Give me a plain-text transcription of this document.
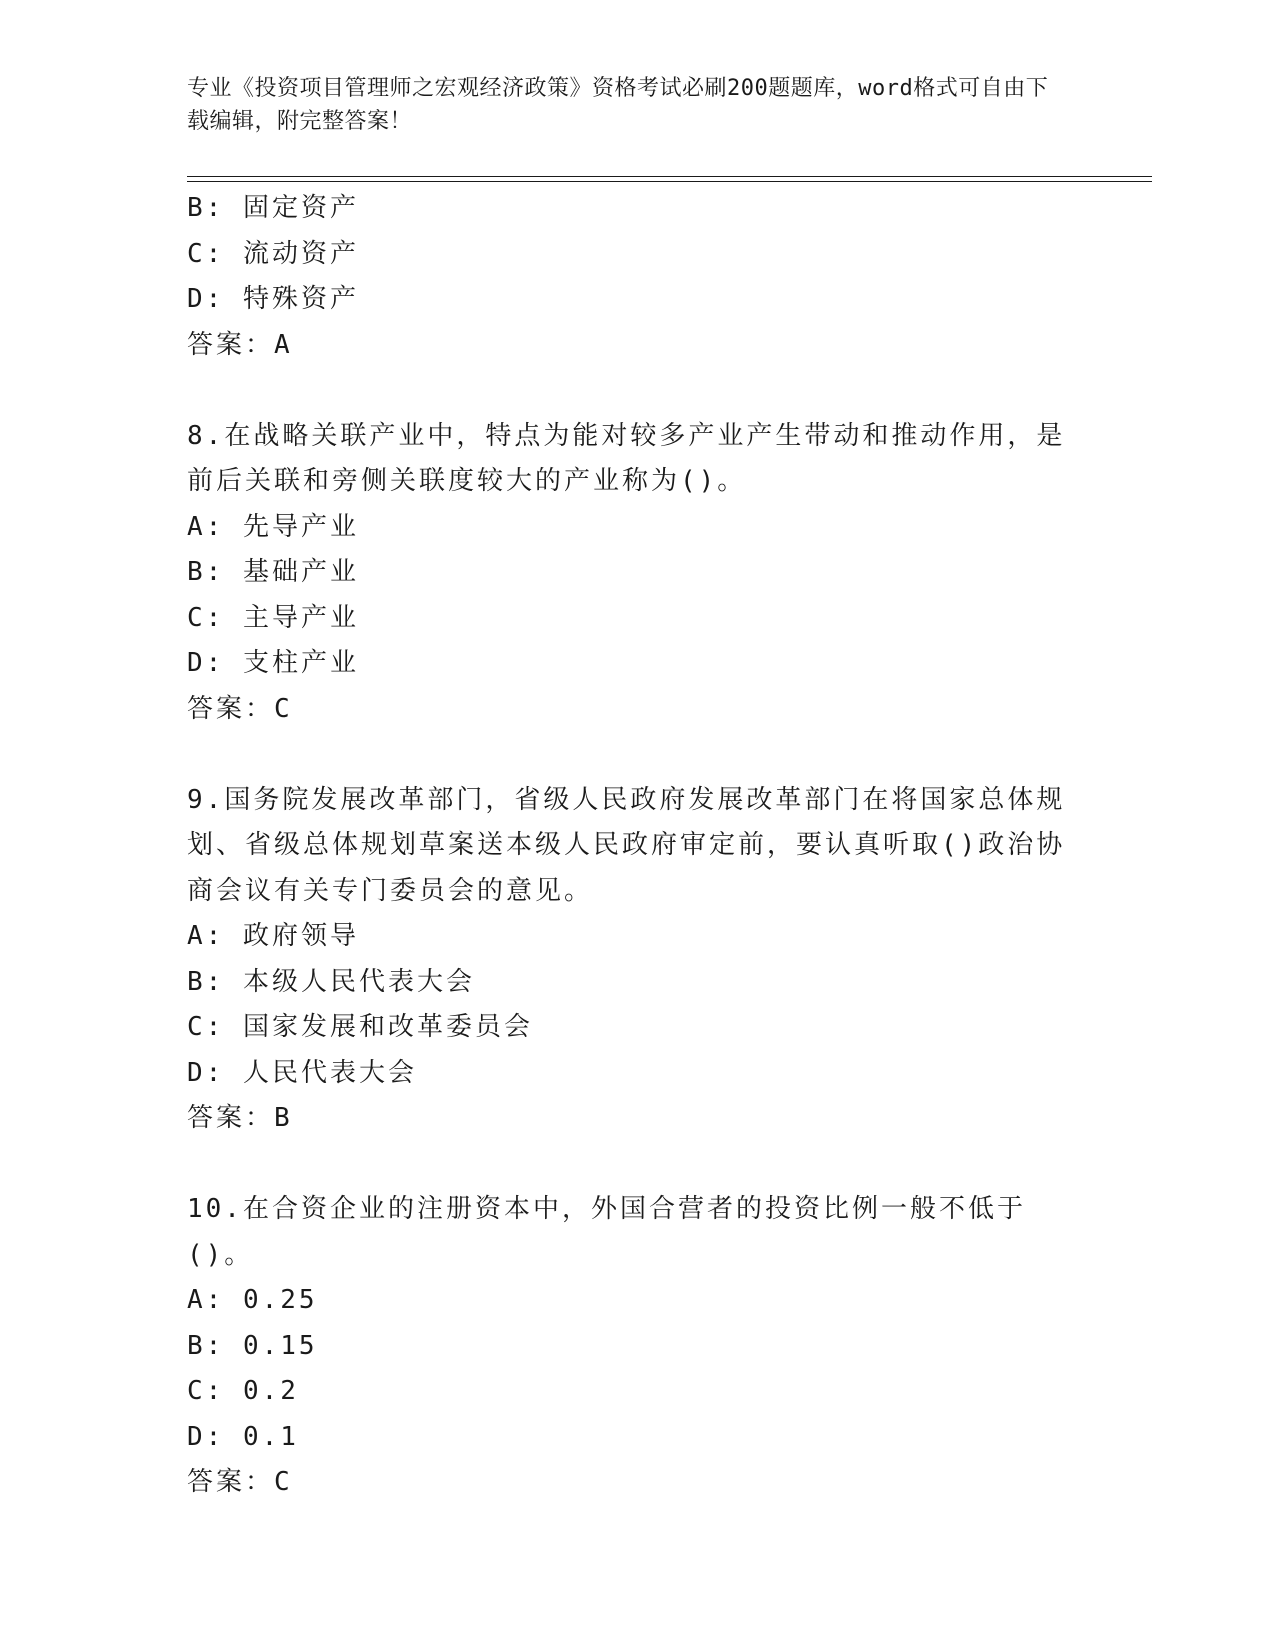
专业《投资项目管理师之宏观经济政策》资格考试必刷200题题库，word格式可自由下载编辑，附完整答案！
B: 固定资产
C: 流动资产
D: 特殊资产
答案：A
8.在战略关联产业中，特点为能对较多产业产生带动和推动作用，是前后关联和旁侧关联度较大的产业称为()。
A: 先导产业
B: 基础产业
C: 主导产业
D: 支柱产业
答案：C
9.国务院发展改革部门，省级人民政府发展改革部门在将国家总体规划、省级总体规划草案送本级人民政府审定前，要认真听取()政治协商会议有关专门委员会的意见。
A: 政府领导
B: 本级人民代表大会
C: 国家发展和改革委员会
D: 人民代表大会
答案：B
10.在合资企业的注册资本中，外国合营者的投资比例一般不低于()。
A: 0.25
B: 0.15
C: 0.2
D: 0.1
答案：C
